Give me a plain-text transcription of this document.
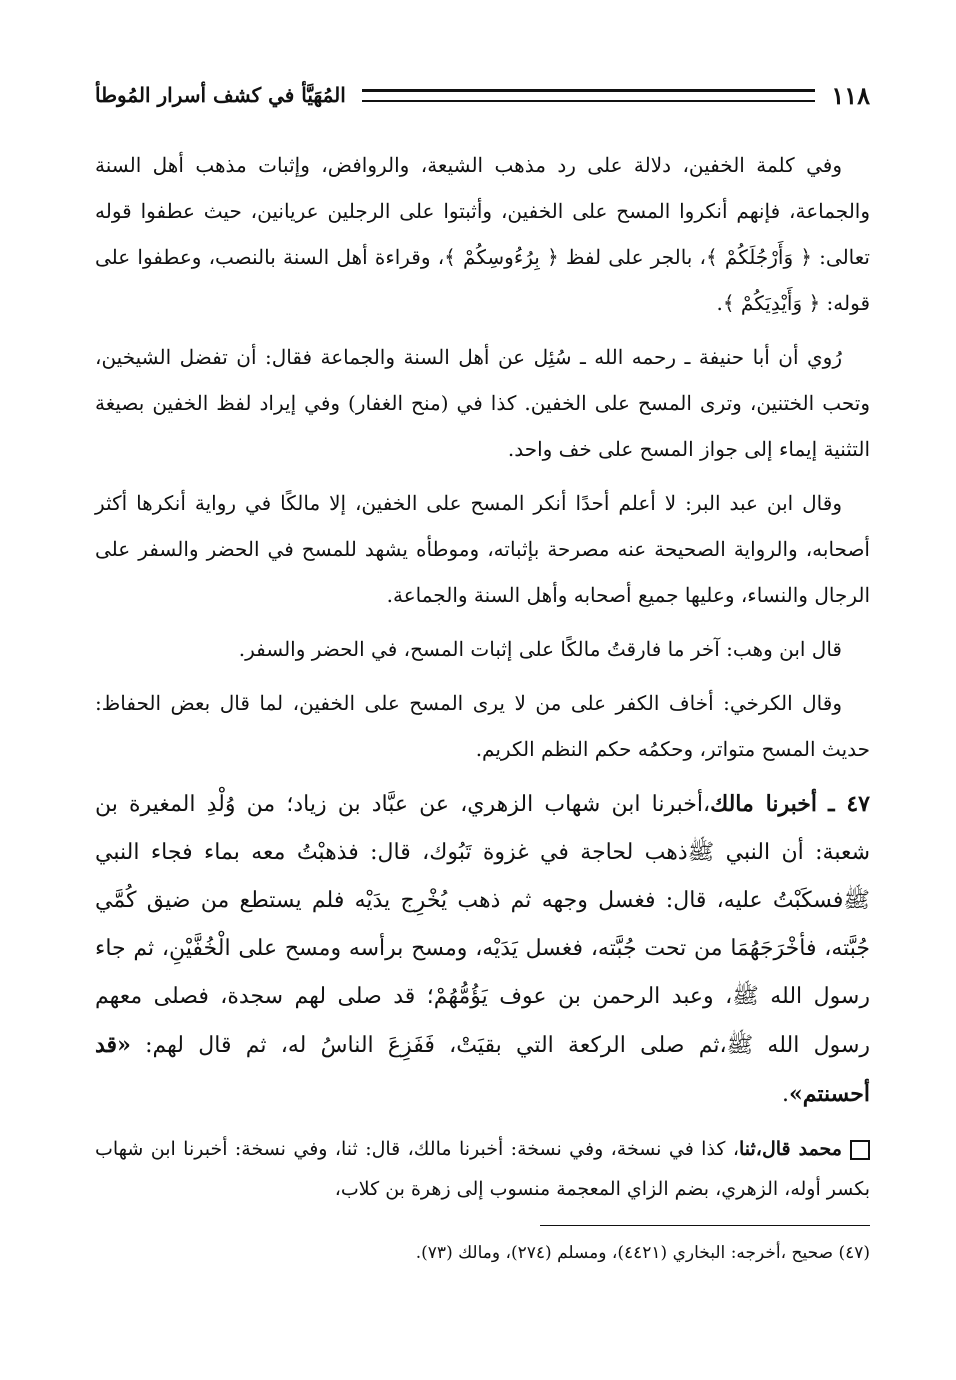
١١٨
المُهَيَّأ في كشف أسرار المُوطأ

وفي كلمة الخفين، دلالة على رد مذهب الشيعة، والروافض، وإثبات مذهب أهل السنة والجماعة، فإنهم أنكروا المسح على الخفين، وأثبتوا على الرجلين عريانين، حيث عطفوا قوله تعالى: ﴿ وَأَرْجُلَكُمْ ﴾، بالجر على لفظ ﴿ بِرُءُوسِكُمْ ﴾، وقراءة أهل السنة بالنصب، وعطفوا على قوله: ﴿ وَأَيْدِيَكُمْ ﴾.

رُوي أن أبا حنيفة ـ رحمه الله ـ سُئِل عن أهل السنة والجماعة فقال: أن تفضل الشيخين، وتحب الختنين، وترى المسح على الخفين. كذا في (منح الغفار) وفي إيراد لفظ الخفين بصيغة التثنية إيماء إلى جواز المسح على خف واحد.

وقال ابن عبد البر: لا أعلم أحدًا أنكر المسح على الخفين، إلا مالكًا في رواية أنكرها أكثر أصحابه، والرواية الصحيحة عنه مصرحة بإثباته، وموطأه يشهد للمسح في الحضر والسفر على الرجال والنساء، وعليها جميع أصحابه وأهل السنة والجماعة.

قال ابن وهب: آخر ما فارقتُ مالكًا على إثبات المسح، في الحضر والسفر.

وقال الكرخي: أخاف الكفر على من لا يرى المسح على الخفين، لما قال بعض الحفاظ: حديث المسح متواتر، وحكمُه حكم النظم الكريم.

٤٧ ـ أخبرنا مالك،أخبرنا ابن شهاب الزهري، عن عبَّاد بن زياد؛ من وُلْدِ المغيرة بن شعبة: أن النبي ﷺذهب لحاجة في غزوة تَبُوك، قال: فذهبْتُ معه بماء فجاء النبي ﷺفسكَبْتُ عليه، قال: فغسل وجهه ثم ذهب يُخْرِج يدَيْه فلم يستطع من ضيق كُمَّي جُبَّته، فأخْرَجَهُمَا من تحت جُبَّته، فغسل يَدَيْه، ومسح برأسه ومسح على الْخُفَّيْنِ، ثم جاء رسول الله ﷺ، وعبد الرحمن بن عوف يَؤُمُّهُمْ؛ قد صلى لهم سجدة، فصلى معهم رسول الله ﷺ،ثم صلى الركعة التي بقيَتْ، فَفَزِعَ الناسُ له، ثم قال لهم: «قد أحسنتم».
محمد قال،ثنا، كذا في نسخة، وفي نسخة: أخبرنا مالك، قال: ثنا، وفي نسخة: أخبرنا ابن شهاب بكسر أوله، الزهري، بضم الزاي المعجمة منسوب إلى زهرة بن كلاب،
(٤٧) صحيح ،أخرجه: البخاري (٤٤٢١)، ومسلم (٢٧٤)، ومالك (٧٣).
